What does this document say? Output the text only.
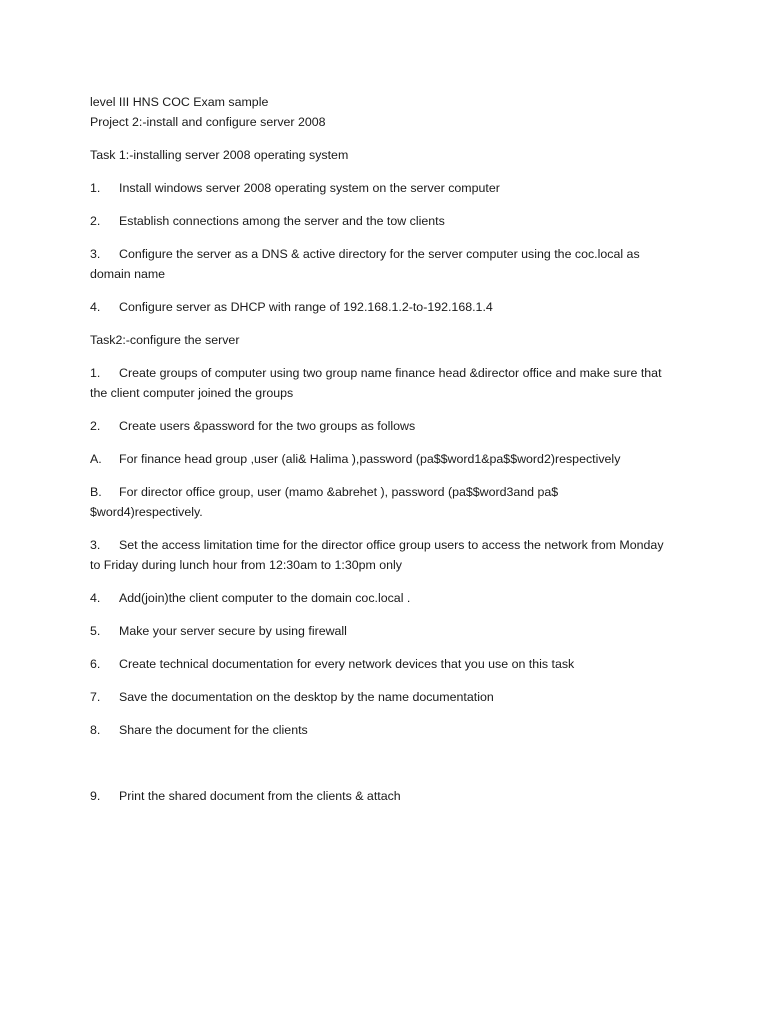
level III HNS COC Exam sample

Project 2:-install and configure server 2008

Task 1:-installing server 2008 operating system

1. Install windows server 2008 operating system on the server computer

2. Establish connections among the server and the tow clients

3. Configure the server as a DNS & active directory for the server computer using the coc.local as domain name

4. Configure server as DHCP with range of 192.168.1.2-to-192.168.1.4

Task2:-configure the server

1. Create groups of computer using two group name finance head &director office and make sure that the client computer joined the groups

2. Create users &password for the two groups as follows

A. For finance head group ,user (ali& Halima ),password (pa$$word1&pa$$word2)respectively

B. For director office group, user (mamo &abrehet ), password (pa$$word3and pa$ $word4)respectively.

3. Set the access limitation time for the director office group users to access the network from Monday to Friday during lunch hour from 12:30am to 1:30pm only

4. Add(join)the client computer to the domain coc.local .

5. Make your server secure by using firewall

6. Create technical documentation for every network devices that you use on this task

7. Save the documentation on the desktop by the name documentation

8. Share the document for the clients

9. Print the shared document from the clients & attach
